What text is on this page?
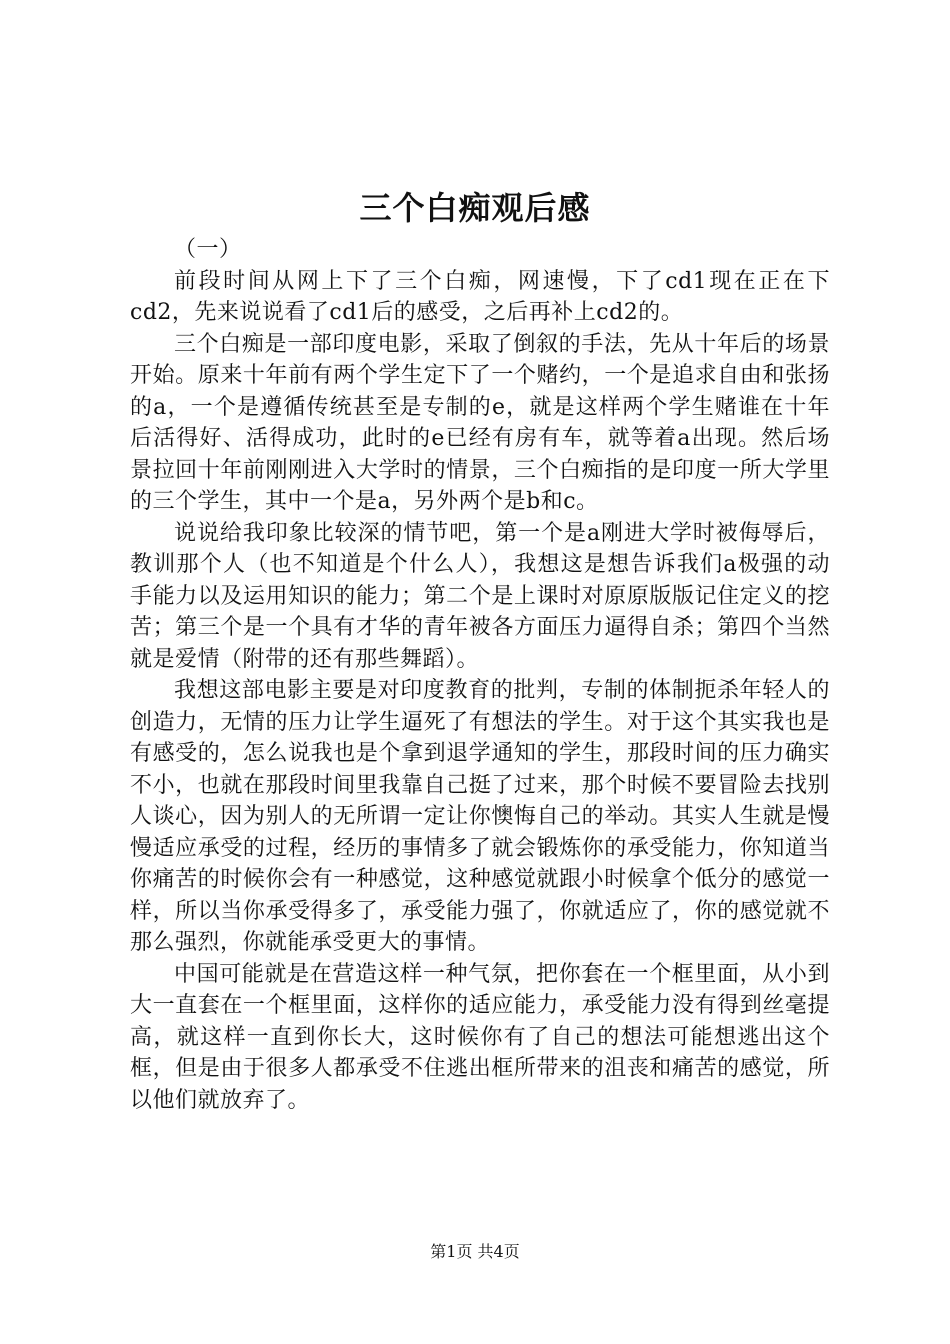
三个白痴观后感

（一）

前段时间从网上下了三个白痴，网速慢，下了cd1现在正在下cd2，先来说说看了cd1后的感受，之后再补上cd2的。

三个白痴是一部印度电影，采取了倒叙的手法，先从十年后的场景开始。原来十年前有两个学生定下了一个赌约，一个是追求自由和张扬的a，一个是遵循传统甚至是专制的e，就是这样两个学生赌谁在十年后活得好、活得成功，此时的e已经有房有车，就等着a出现。然后场景拉回十年前刚刚进入大学时的情景，三个白痴指的是印度一所大学里的三个学生，其中一个是a，另外两个是b和c。

说说给我印象比较深的情节吧，第一个是a刚进大学时被侮辱后，教训那个人（也不知道是个什么人），我想这是想告诉我们a极强的动手能力以及运用知识的能力；第二个是上课时对原原版版记住定义的挖苦；第三个是一个具有才华的青年被各方面压力逼得自杀；第四个当然就是爱情（附带的还有那些舞蹈）。

我想这部电影主要是对印度教育的批判，专制的体制扼杀年轻人的创造力，无情的压力让学生逼死了有想法的学生。对于这个其实我也是有感受的，怎么说我也是个拿到退学通知的学生，那段时间的压力确实不小，也就在那段时间里我靠自己挺了过来，那个时候不要冒险去找别人谈心，因为别人的无所谓一定让你懊悔自己的举动。其实人生就是慢慢适应承受的过程，经历的事情多了就会锻炼你的承受能力，你知道当你痛苦的时候你会有一种感觉，这种感觉就跟小时候拿个低分的感觉一样，所以当你承受得多了，承受能力强了，你就适应了，你的感觉就不那么强烈，你就能承受更大的事情。

中国可能就是在营造这样一种气氛，把你套在一个框里面，从小到大一直套在一个框里面，这样你的适应能力，承受能力没有得到丝毫提高，就这样一直到你长大，这时候你有了自己的想法可能想逃出这个框，但是由于很多人都承受不住逃出框所带来的沮丧和痛苦的感觉，所以他们就放弃了。

第1页 共4页
